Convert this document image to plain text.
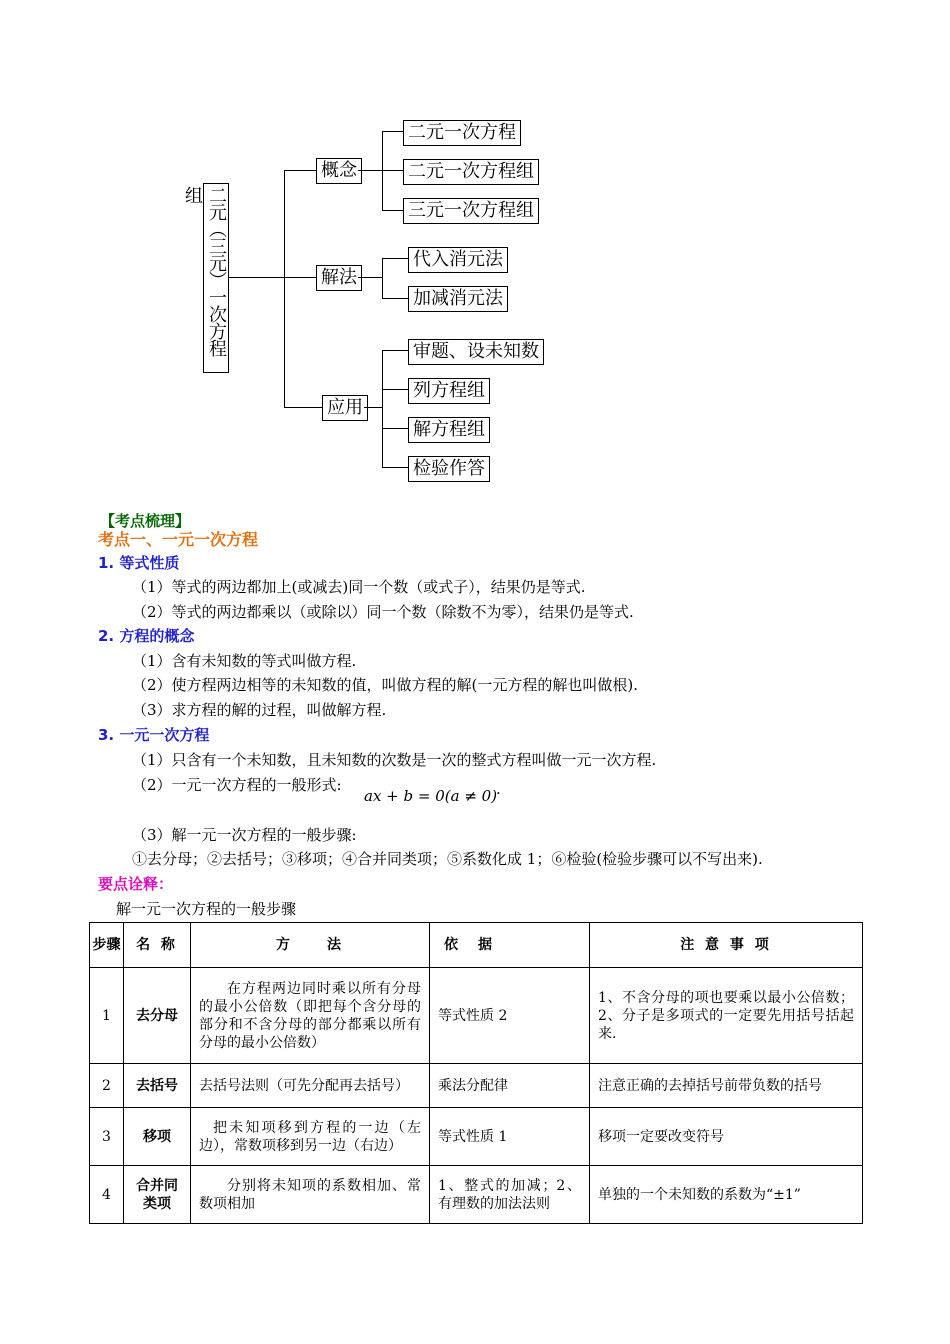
二元（三元）一次方程组
概念
解法
应用
二元一次方程
二元一次方程组
三元一次方程组
代入消元法
加减消元法
审题、设未知数
列方程组
解方程组
检验作答
【考点梳理】
考点一、一元一次方程
1. 等式性质
（1）等式的两边都加上(或减去)同一个数（或式子），结果仍是等式.
（2）等式的两边都乘以（或除以）同一个数（除数不为零），结果仍是等式.
2. 方程的概念
（1）含有未知数的等式叫做方程.
（2）使方程两边相等的未知数的值，叫做方程的解(一元方程的解也叫做根).
（3）求方程的解的过程，叫做解方程.
3. 一元一次方程
（1）只含有一个未知数，且未知数的次数是一次的整式方程叫做一元一次方程.
（2）一元一次方程的一般形式:
ax + b = 0(a ≠ 0)
.
（3）解一元一次方程的一般步骤:
①去分母；②去括号；③移项；④合并同类项；⑤系数化成 1；⑥检验(检验步骤可以不写出来).
要点诠释：
解一元一次方程的一般步骤
步骤	名 称	方　　法	依　据	注 意 事 项
1	去分母	在方程两边同时乘以所有分母的最小公倍数（即把每个含分母的部分和不含分母的部分都乘以所有分母的最小公倍数）	等式性质 2	1、不含分母的项也要乘以最小公倍数；2、分子是多项式的一定要先用括号括起来.
2	去括号	去括号法则（可先分配再去括号）	乘法分配律	注意正确的去掉括号前带负数的括号
3	移项	把未知项移到方程的一边（左边），常数项移到另一边（右边）	等式性质 1	移项一定要改变符号
4	合并同类项	分别将未知项的系数相加、常数项相加	1、整式的加减；2、有理数的加法法则	单独的一个未知数的系数为“±1”
